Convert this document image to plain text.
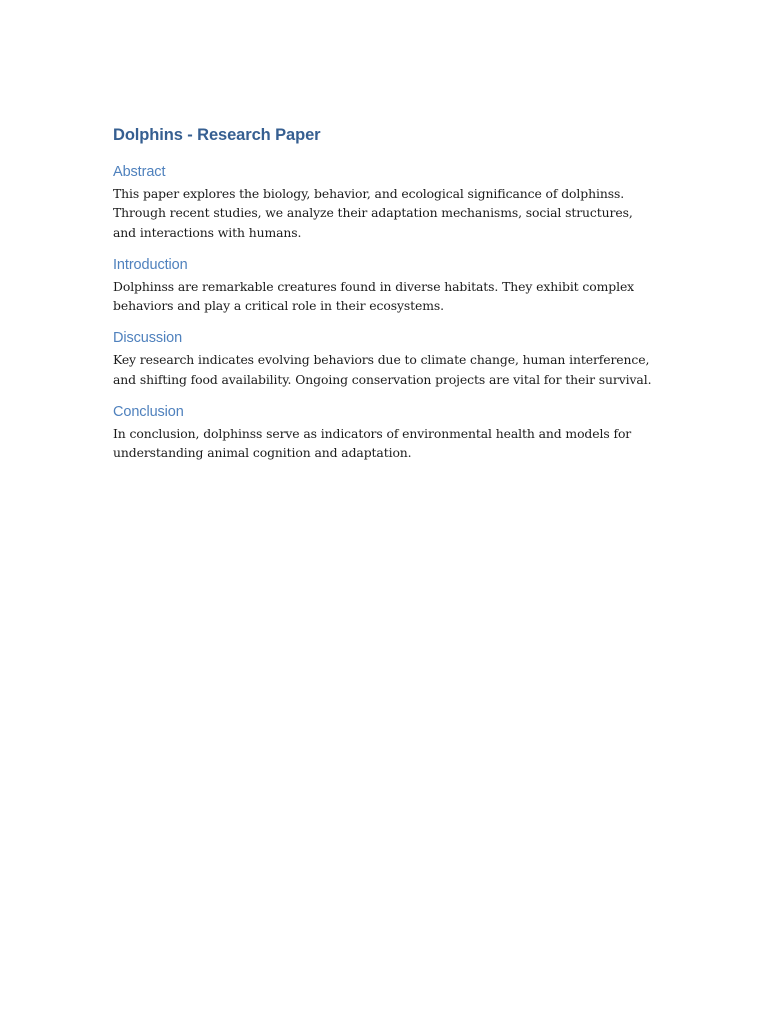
Dolphins - Research Paper
Abstract

This paper explores the biology, behavior, and ecological significance of dolphinss. Through recent studies, we analyze their adaptation mechanisms, social structures, and interactions with humans.

Introduction

Dolphinss are remarkable creatures found in diverse habitats. They exhibit complex behaviors and play a critical role in their ecosystems.

Discussion

Key research indicates evolving behaviors due to climate change, human interference, and shifting food availability. Ongoing conservation projects are vital for their survival.

Conclusion

In conclusion, dolphinss serve as indicators of environmental health and models for understanding animal cognition and adaptation.
